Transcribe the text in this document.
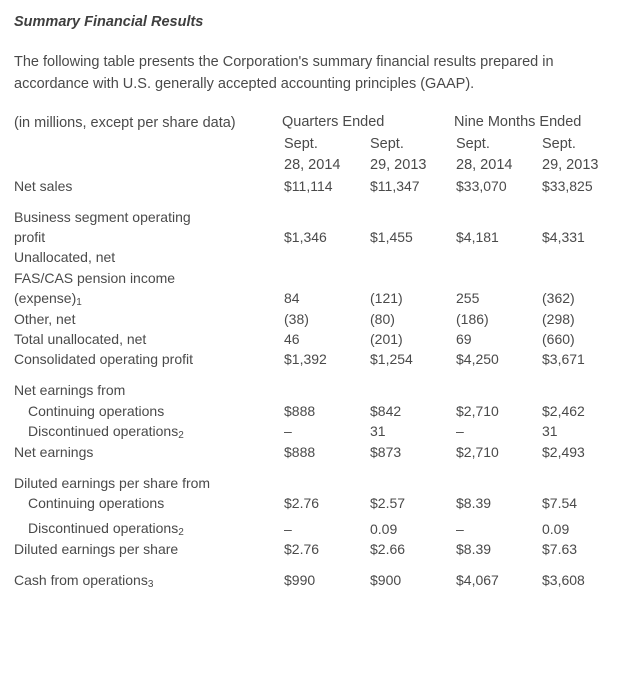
Summary Financial Results
The following table presents the Corporation's summary financial results prepared in accordance with U.S. generally accepted accounting principles (GAAP).
(in millions, except per share data)	Quarters Ended		Nine Months Ended	
	Sept.	Sept.	Sept.	Sept.
	28, 2014	29, 2013	28, 2014	29, 2013
Net sales	$11,114	$11,347	$33,070	$33,825

Business segment operating				
profit	$1,346	$1,455	$4,181	$4,331
Unallocated, net				
FAS/CAS pension income				
$(expense)_1$	84	(121)	255	(362)
Other, net	(38)	(80)	(186)	(298)
Total unallocated, net	46	(201)	69	(660)
Consolidated operating profit	$1,392	$1,254	$4,250	$3,671

Net earnings from				
Continuing operations	$888	$842	$2,710	$2,462
Discontinued operations$_2$	–	31	–	31
Net earnings	$888	$873	$2,710	$2,493

Diluted earnings per share from				
Continuing operations	$2.76	$2.57	$8.39	$7.54

Discontinued operations$_2$	–	0.09	–	0.09
Diluted earnings per share	$2.76	$2.66	$8.39	$7.63

Cash from operations$_3$	$990	$900	$4,067	$3,608
